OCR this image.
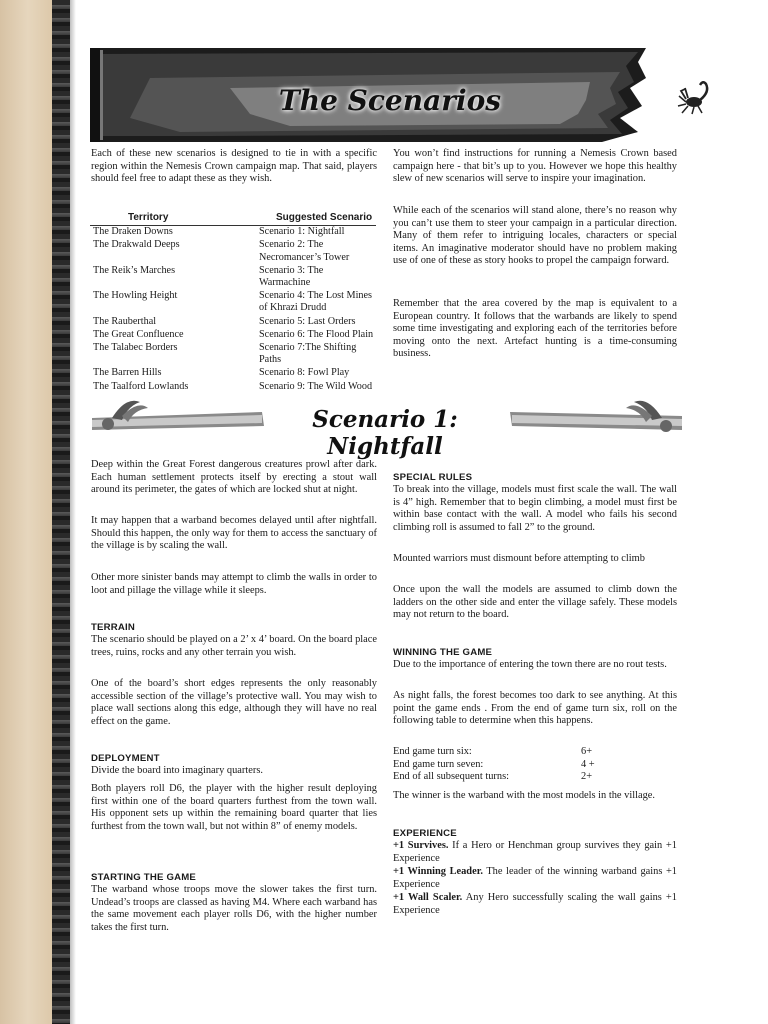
The Scenarios

Each of these new scenarios is designed to tie in with a specific region within the Nemesis Crown campaign map. That said, players should feel free to adapt these as they wish.

Territory	Suggested Scenario
The Draken Downs	Scenario 1: Nightfall
The Drakwald Deeps	Scenario 2: The Necromancer’s Tower
The Reik’s Marches	Scenario 3: The Warmachine
The Howling Height	Scenario 4: The Lost Mines of Khrazi Drudd
The Rauberthal	Scenario 5: Last Orders
The Great Confluence	Scenario 6: The Flood Plain
The Talabec Borders	Scenario 7:The Shifting Paths
The Barren Hills	Scenario 8: Fowl Play
The Taalford Lowlands	Scenario 9: The Wild Wood

You won’t find instructions for running a Nemesis Crown based campaign here - that bit’s up to you. However we hope this healthy slew of new scenarios will serve to inspire your imagination.

While each of the scenarios will stand alone, there’s no reason why you can’t use them to steer your campaign in a particular direction. Many of them refer to intriguing locales, characters or special items. An imaginative moderator should have no problem making use of one of these as story hooks to propel the campaign forward.

Remember that the area covered by the map is equivalent to a European country. It follows that the warbands are likely to spend some time investigating and exploring each of the territories before moving onto the next. Artefact hunting is a time-consuming business.

Scenario 1: Nightfall

Deep within the Great Forest dangerous creatures prowl after dark. Each human settlement protects itself by erecting a stout wall around its perimeter, the gates of which are locked shut at night.

It may happen that a warband becomes delayed until after nightfall. Should this happen, the only way for them to access the sanctuary of the village is by scaling the wall.

Other more sinister bands may attempt to climb the walls in order to loot and pillage the village while it sleeps.

TERRAIN

The scenario should be played on a 2’ x 4’ board. On the board place trees, ruins, rocks and any other terrain you wish.

One of the board’s short edges represents the only reasonably accessible section of the village’s protective wall. You may wish to place wall sections along this edge, although they will have no real effect on the game.

DEPLOYMENT

Divide the board into imaginary quarters.

Both players roll D6, the player with the higher result deploying first within one of the board quarters furthest from the town wall. His opponent sets up within the remaining board quarter that lies furthest from the town wall, but not within 8” of enemy models.

STARTING THE GAME

The warband whose troops move the slower takes the first turn. Undead’s troops are classed as having M4. Where each warband has the same movement each player rolls D6, with the higher number takes the first turn.

SPECIAL RULES

To break into the village, models must first scale the wall. The wall is 4” high. Remember that to begin climbing, a model must first be within base contact with the wall. A model who fails his second climbing roll is assumed to fall 2” to the ground.

Mounted warriors must dismount before attempting to climb

Once upon the wall the models are assumed to climb down the ladders on the other side and enter the village safely. These models may not return to the board.

WINNING THE GAME

Due to the importance of entering the town there are no rout tests.

As night falls, the forest becomes too dark to see anything. At this point the game ends . From the end of game turn six, roll on the following table to determine when this happens.

End game turn six:	6+
End game turn seven:	4 +
End of all subsequent turns:	2+

The winner is the warband with the most models in the village.

EXPERIENCE

+1 Survives. If a Hero or Henchman group survives they gain +1 Experience

+1 Winning Leader. The leader of the winning warband gains +1 Experience

+1 Wall Scaler. Any Hero successfully scaling the wall gains +1 Experience
